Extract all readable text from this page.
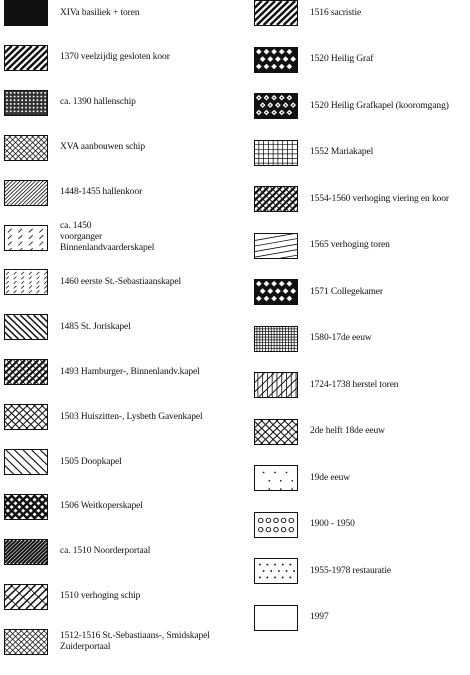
XIVa basiliek + toren
1370 veelzijdig gesloten koor
ca. 1390 hallenschip
XVA aanbouwen schip
1448-1455 hallenkoor
ca. 1450
voorganger
Binnenlandvaarderskapel
1460 eerste St.-Sebastiaanskapel
1485 St. Joriskapel
1493 Hamburger-, Binnenlandv.kapel
1503 Huiszitten-, Lysbeth Gavenkapel
1505 Doopkapel
1506 Weitkoperskapel
ca. 1510 Noorderportaal
1510 verhoging schip
1512-1516 St.-Sebastiaans-, Smidskapel
Zuiderportaal
1516 sacristie
1520 Heilig Graf
1520 Heilig Grafkapel (kooromgang)
1552 Mariakapel
1554-1560 verhoging viering en koor
1565 verhoging toren
1571 Collegekamer
1580-17de eeuw
1724-1738 herstel toren
2de helft 18de eeuw
19de eeuw
1900 - 1950
1955-1978 restauratie
1997
